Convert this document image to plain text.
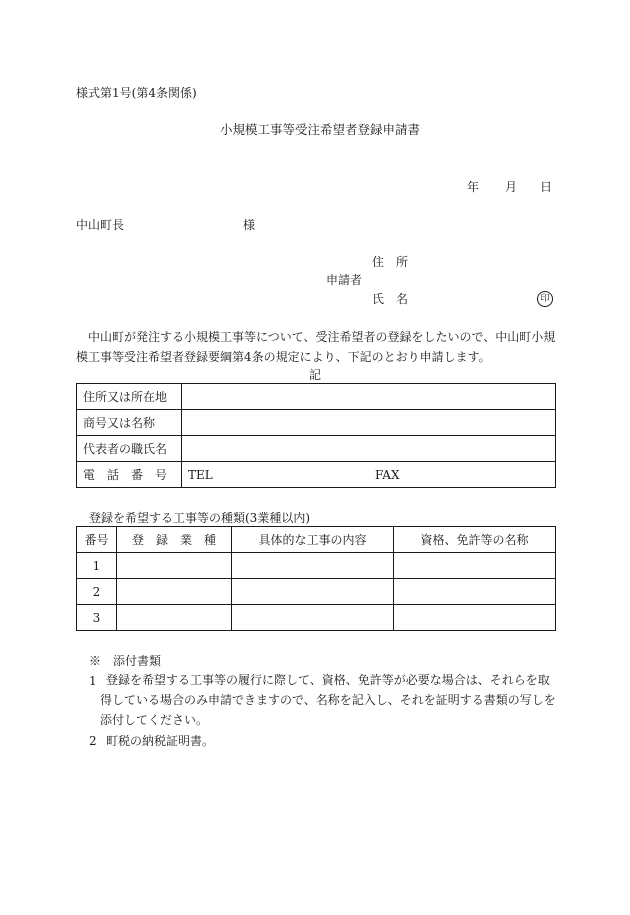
様式第1号(第4条関係)
小規模工事等受注希望者登録申請書
年 月 日
中山町長	様
住　所
申請者
氏　名	印
中山町が発注する小規模工事等について、受注希望者の登録をしたいので、中山町小規模工事等受注希望者登録要綱第4条の規定により、下記のとおり申請します。
記
住所又は所在地	
商号又は名称	
代表者の職氏名	
電　話　番　号	TEL FAX
登録を希望する工事等の種類(3業種以内)
番号	登　録　業　種	具体的な工事の内容	資格、免許等の名称
1			
2			
3			
※　添付書類
1 登録を希望する工事等の履行に際して、資格、免許等が必要な場合は、それらを取得している場合のみ申請できますので、名称を記入し、それを証明する書類の写しを添付してください。
2 町税の納税証明書。
